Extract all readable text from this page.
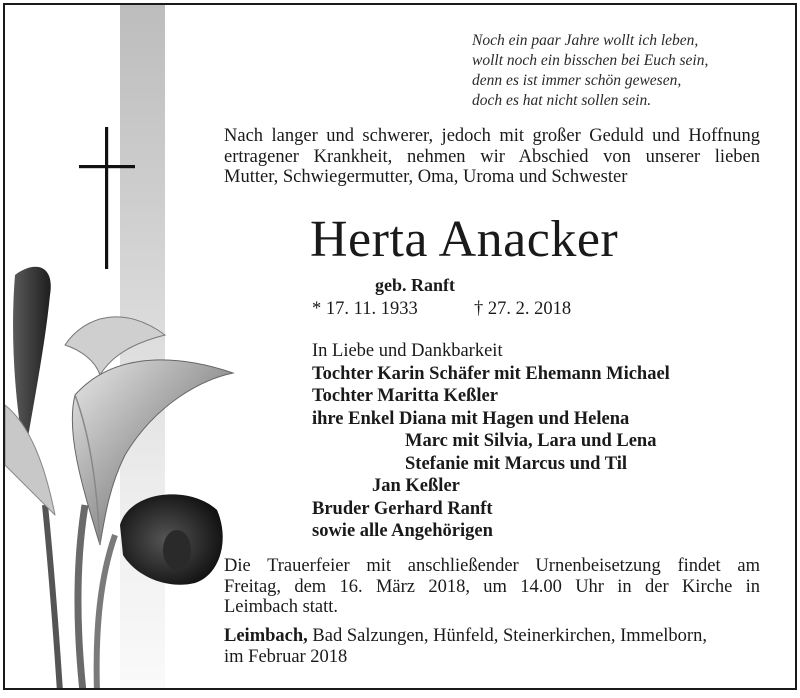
Noch ein paar Jahre wollt ich leben,
wollt noch ein bisschen bei Euch sein,
denn es ist immer schön gewesen,
doch es hat nicht sollen sein.
Nach langer und schwerer, jedoch mit großer Geduld und Hoffnung
ertragener Krankheit, nehmen wir Abschied von unserer lieben
Mutter, Schwiegermutter, Oma, Uroma und Schwester
Herta Anacker
geb. Ranft
* 17. 11. 1933	† 27. 2. 2018
In Liebe und Dankbarkeit
Tochter Karin Schäfer mit Ehemann Michael
Tochter Maritta Keßler
ihre Enkel Diana mit Hagen und Helena
Marc mit Silvia, Lara und Lena
Stefanie mit Marcus und Til
Jan Keßler
Bruder Gerhard Ranft
sowie alle Angehörigen
Die Trauerfeier mit anschließender Urnenbeisetzung findet am
Freitag, dem 16. März 2018, um 14.00 Uhr in der Kirche in
Leimbach statt.
Leimbach, Bad Salzungen, Hünfeld, Steinerkirchen, Immelborn,
im Februar 2018
